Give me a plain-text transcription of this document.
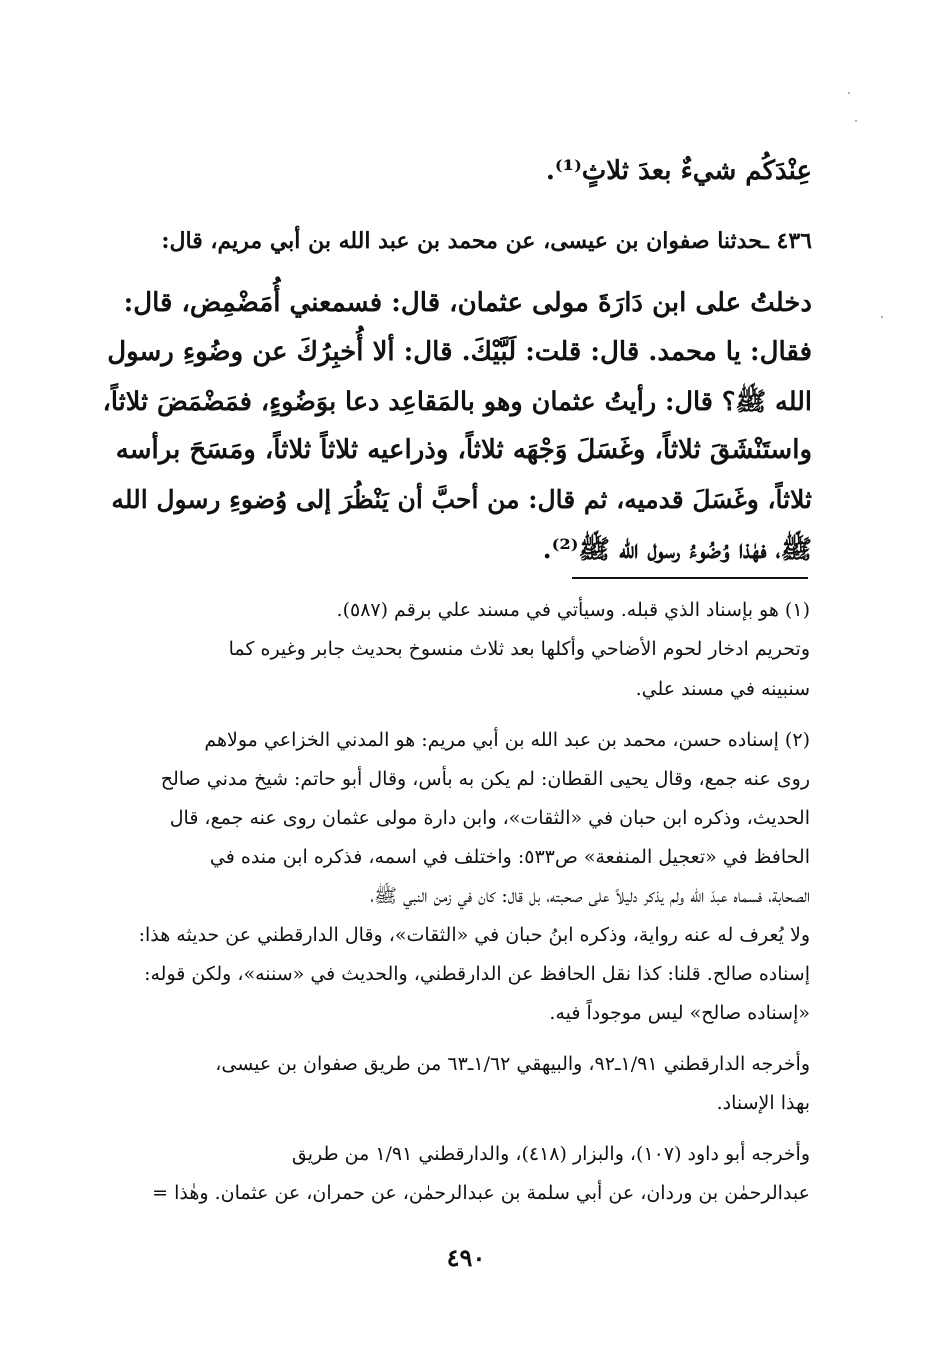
عِنْدَكُم شيءٌ بعدَ ثلاثٍ⁽¹⁾.
٤٣٦ ـحدثنا صفوان بن عيسى، عن محمد بن عبد الله بن أبي مريم، قال:
دخلتُ على ابن دَارَةَ مولى عثمان، قال: فسمعني أُمَضْمِض، قال:
فقال: يا محمد. قال: قلت: لَبَّيْكَ. قال: ألا أُخبِرُكَ عن وضُوءِ رسول
الله ﷺ؟ قال: رأيتُ عثمان وهو بالمَقاعِد دعا بوَضُوءٍ، فمَضْمَضَ ثلاثاً،
واستَنْشَقَ ثلاثاً، وغَسَلَ وَجْهَه ثلاثاً، وذراعيه ثلاثاً ثلاثاً، ومَسَحَ برأسه
ثلاثاً، وغَسَلَ قدميه، ثم قال: من أحبَّ أن يَنْظُرَ إلى وُضوءِ رسول الله
ﷺ، فهٰذا وُضُوءُ رسول الله ﷺ⁽²⁾.
(١) هو بإسناد الذي قبله. وسيأتي في مسند علي برقم (٥٨٧).
وتحريم ادخار لحوم الأضاحي وأكلها بعد ثلاث منسوخ بحديث جابر وغيره كما
سنبينه في مسند علي.
(٢) إسناده حسن، محمد بن عبد الله بن أبي مريم: هو المدني الخزاعي مولاهم
روى عنه جمع، وقال يحيى القطان: لم يكن به بأس، وقال أبو حاتم: شيخ مدني صالح
الحديث، وذكره ابن حبان في «الثقات»، وابن دارة مولى عثمان روى عنه جمع، قال
الحافظ في «تعجيل المنفعة» ص٥٣٣: واختلف في اسمه، فذكره ابن منده في
الصحابة، فسماه عبدَ الله ولم يذكر دليلاً على صحبته، بل قال: كان في زمن النبي ﷺ،
ولا يُعرف له عنه رواية، وذكره ابنُ حبان في «الثقات»، وقال الدارقطني عن حديثه هذا:
إسناده صالح. قلنا: كذا نقل الحافظ عن الدارقطني، والحديث في «سننه»، ولكن قوله:
«إسناده صالح» ليس موجوداً فيه.
وأخرجه الدارقطني ١/٩١ـ٩٢، والبيهقي ١/٦٢ـ٦٣ من طريق صفوان بن عيسى،
بهذا الإسناد.
وأخرجه أبو داود (١٠٧)، والبزار (٤١٨)، والدارقطني ١/٩١ من طريق
عبدالرحمٰن بن وردان، عن أبي سلمة بن عبدالرحمٰن، عن حمران، عن عثمان. وهٰذا =
٤٩٠
